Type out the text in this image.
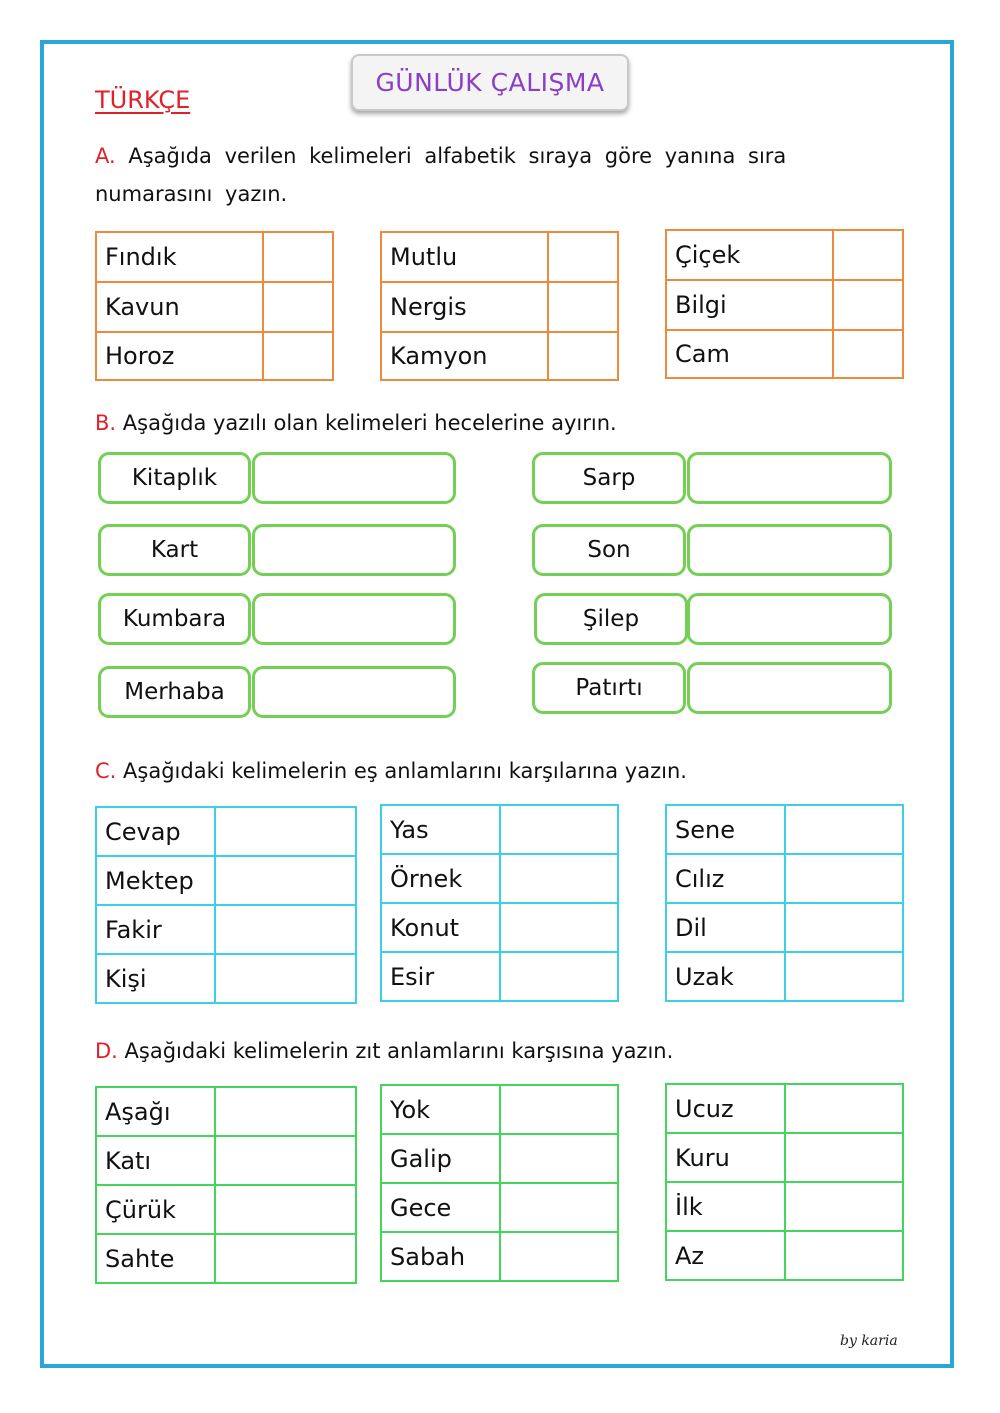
GÜNLÜK ÇALIŞMA
TÜRKÇE
A. Aşağıda verilen kelimeleri alfabetik sıraya göre yanına sıra
numarasını yazın.
Fındık	
Kavun	
Horoz	
Mutlu	
Nergis	
Kamyon	
Çiçek	
Bilgi	
Cam	
B. Aşağıda yazılı olan kelimeleri hecelerine ayırın.
Kitaplık
Kart
Kumbara
Merhaba
Sarp
Son
Şilep
Patırtı
C. Aşağıdaki kelimelerin eş anlamlarını karşılarına yazın.
Cevap	
Mektep	
Fakir	
Kişi	
Yas	
Örnek	
Konut	
Esir	
Sene	
Cılız	
Dil	
Uzak	
D. Aşağıdaki kelimelerin zıt anlamlarını karşısına yazın.
Aşağı	
Katı	
Çürük	
Sahte	
Yok	
Galip	
Gece	
Sabah	
Ucuz	
Kuru	
İlk	
Az	
by karia
